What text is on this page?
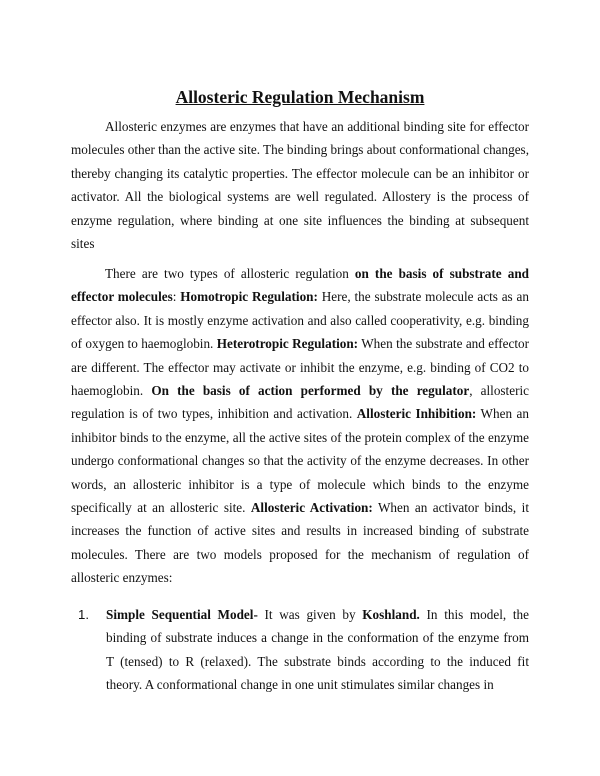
Allosteric Regulation Mechanism

Allosteric enzymes are enzymes that have an additional binding site for effector molecules other than the active site. The binding brings about conformational changes, thereby changing its catalytic properties. The effector molecule can be an inhibitor or activator. All the biological systems are well regulated. Allostery is the process of enzyme regulation, where binding at one site influences the binding at subsequent sites

There are two types of allosteric regulation on the basis of substrate and effector molecules: Homotropic Regulation: Here, the substrate molecule acts as an effector also. It is mostly enzyme activation and also called cooperativity, e.g. binding of oxygen to haemoglobin. Heterotropic Regulation: When the substrate and effector are different. The effector may activate or inhibit the enzyme, e.g. binding of CO2 to haemoglobin. On the basis of action performed by the regulator, allosteric regulation is of two types, inhibition and activation. Allosteric Inhibition: When an inhibitor binds to the enzyme, all the active sites of the protein complex of the enzyme undergo conformational changes so that the activity of the enzyme decreases. In other words, an allosteric inhibitor is a type of molecule which binds to the enzyme specifically at an allosteric site. Allosteric Activation: When an activator binds, it increases the function of active sites and results in increased binding of substrate molecules. There are two models proposed for the mechanism of regulation of allosteric enzymes:

1. Simple Sequential Model- It was given by Koshland. In this model, the binding of substrate induces a change in the conformation of the enzyme from T (tensed) to R (relaxed). The substrate binds according to the induced fit theory. A conformational change in one unit stimulates similar changes in
